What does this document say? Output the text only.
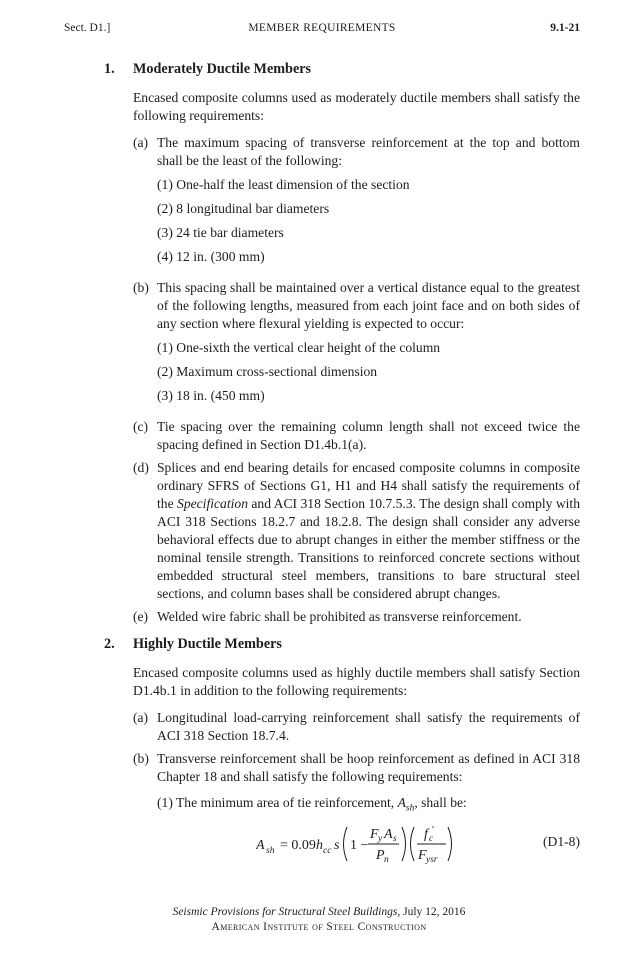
Sect. D1.]	MEMBER REQUIREMENTS	9.1-21
1. Moderately Ductile Members
Encased composite columns used as moderately ductile members shall satisfy the following requirements:
(a) The maximum spacing of transverse reinforcement at the top and bottom shall be the least of the following:
(1) One-half the least dimension of the section
(2) 8 longitudinal bar diameters
(3) 24 tie bar diameters
(4) 12 in. (300 mm)
(b) This spacing shall be maintained over a vertical distance equal to the greatest of the following lengths, measured from each joint face and on both sides of any section where flexural yielding is expected to occur:
(1) One-sixth the vertical clear height of the column
(2) Maximum cross-sectional dimension
(3) 18 in. (450 mm)
(c) Tie spacing over the remaining column length shall not exceed twice the spacing defined in Section D1.4b.1(a).
(d) Splices and end bearing details for encased composite columns in composite ordinary SFRS of Sections G1, H1 and H4 shall satisfy the requirements of the Specification and ACI 318 Section 10.7.5.3. The design shall comply with ACI 318 Sections 18.2.7 and 18.2.8. The design shall consider any adverse behavioral effects due to abrupt changes in either the member stiffness or the nominal tensile strength. Transitions to reinforced concrete sections without embedded structural steel members, transitions to bare structural steel sections, and column bases shall be considered abrupt changes.
(e) Welded wire fabric shall be prohibited as transverse reinforcement.
2. Highly Ductile Members
Encased composite columns used as highly ductile members shall satisfy Section D1.4b.1 in addition to the following requirements:
(a) Longitudinal load-carrying reinforcement shall satisfy the requirements of ACI 318 Section 18.7.4.
(b) Transverse reinforcement shall be hoop reinforcement as defined in ACI 318 Chapter 18 and shall satisfy the following requirements:
(1) The minimum area of tie reinforcement, $A_{sh}$, shall be:
A sh = 0.09 h cc s 1 −
F y A s
P n
f c
′
F ysr
(D1-8)
Seismic Provisions for Structural Steel Buildings, July 12, 2016
American Institute of Steel Construction
